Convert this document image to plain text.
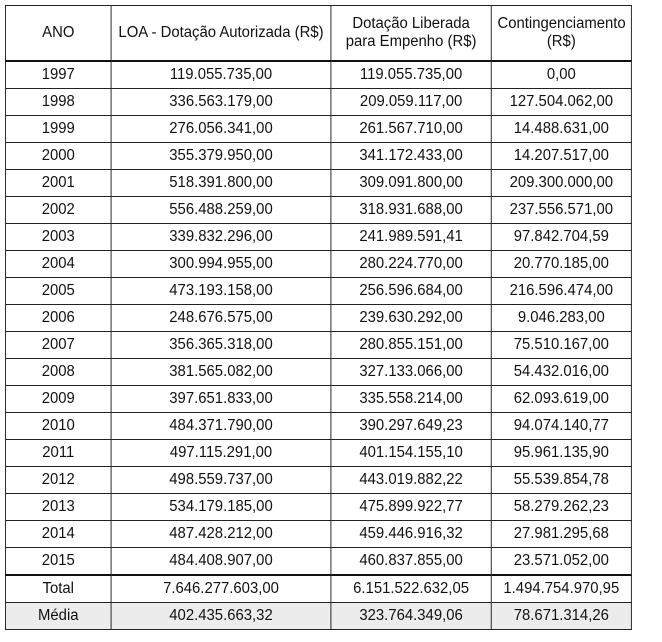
ANO	LOA - Dotação Autorizada (R$)	Dotação Liberada para Empenho (R$)	Contingenciamento (R$)
1997	119.055.735,00	119.055.735,00	0,00
1998	336.563.179,00	209.059.117,00	127.504.062,00
1999	276.056.341,00	261.567.710,00	14.488.631,00
2000	355.379.950,00	341.172.433,00	14.207.517,00
2001	518.391.800,00	309.091.800,00	209.300.000,00
2002	556.488.259,00	318.931.688,00	237.556.571,00
2003	339.832.296,00	241.989.591,41	97.842.704,59
2004	300.994.955,00	280.224.770,00	20.770.185,00
2005	473.193.158,00	256.596.684,00	216.596.474,00
2006	248.676.575,00	239.630.292,00	9.046.283,00
2007	356.365.318,00	280.855.151,00	75.510.167,00
2008	381.565.082,00	327.133.066,00	54.432.016,00
2009	397.651.833,00	335.558.214,00	62.093.619,00
2010	484.371.790,00	390.297.649,23	94.074.140,77
2011	497.115.291,00	401.154.155,10	95.961.135,90
2012	498.559.737,00	443.019.882,22	55.539.854,78
2013	534.179.185,00	475.899.922,77	58.279.262,23
2014	487.428.212,00	459.446.916,32	27.981.295,68
2015	484.408.907,00	460.837.855,00	23.571.052,00
Total	7.646.277.603,00	6.151.522.632,05	1.494.754.970,95
Média	402.435.663,32	323.764.349,06	78.671.314,26
